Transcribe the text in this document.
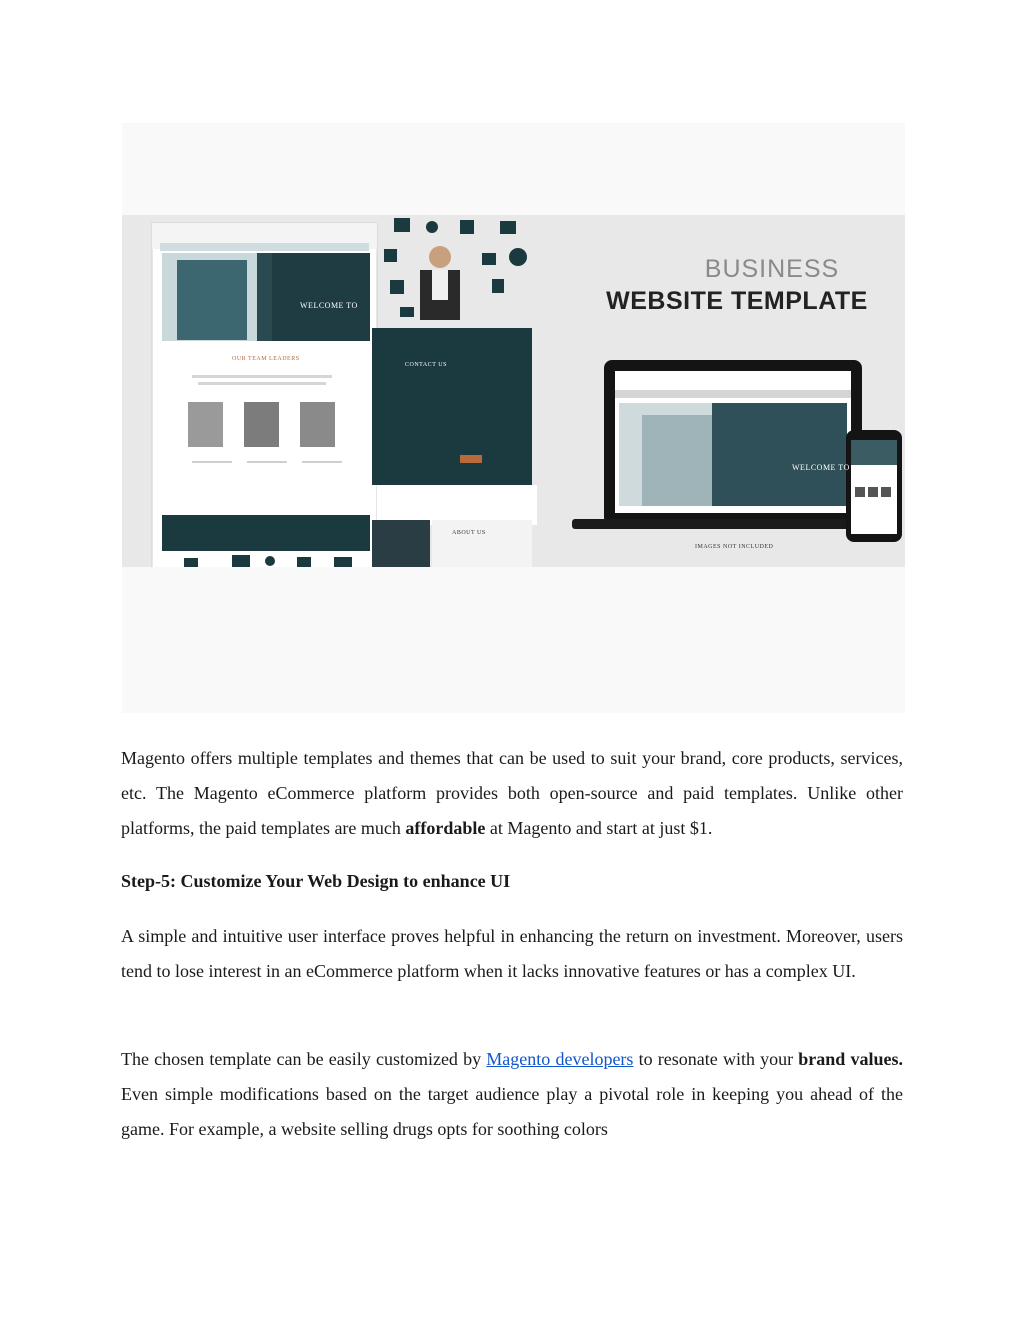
WELCOME TO
OUR TEAM LEADERS
CONTACT US
ABOUT US
WELCOME TO
BUSINESS
WEBSITE TEMPLATE
IMAGES NOT INCLUDED

Magento offers multiple templates and themes that can be used to suit your brand, core products, services, etc. The Magento eCommerce platform provides both open-source and paid templates. Unlike other platforms, the paid templates are much affordable at Magento and start at just $1.

Step-5: Customize Your Web Design to enhance UI

A simple and intuitive user interface proves helpful in enhancing the return on investment. Moreover, users tend to lose interest in an eCommerce platform when it lacks innovative features or has a complex UI.

The chosen template can be easily customized by Magento developers to resonate with your brand values. Even simple modifications based on the target audience play a pivotal role in keeping you ahead of the game. For example, a website selling drugs opts for soothing colors
